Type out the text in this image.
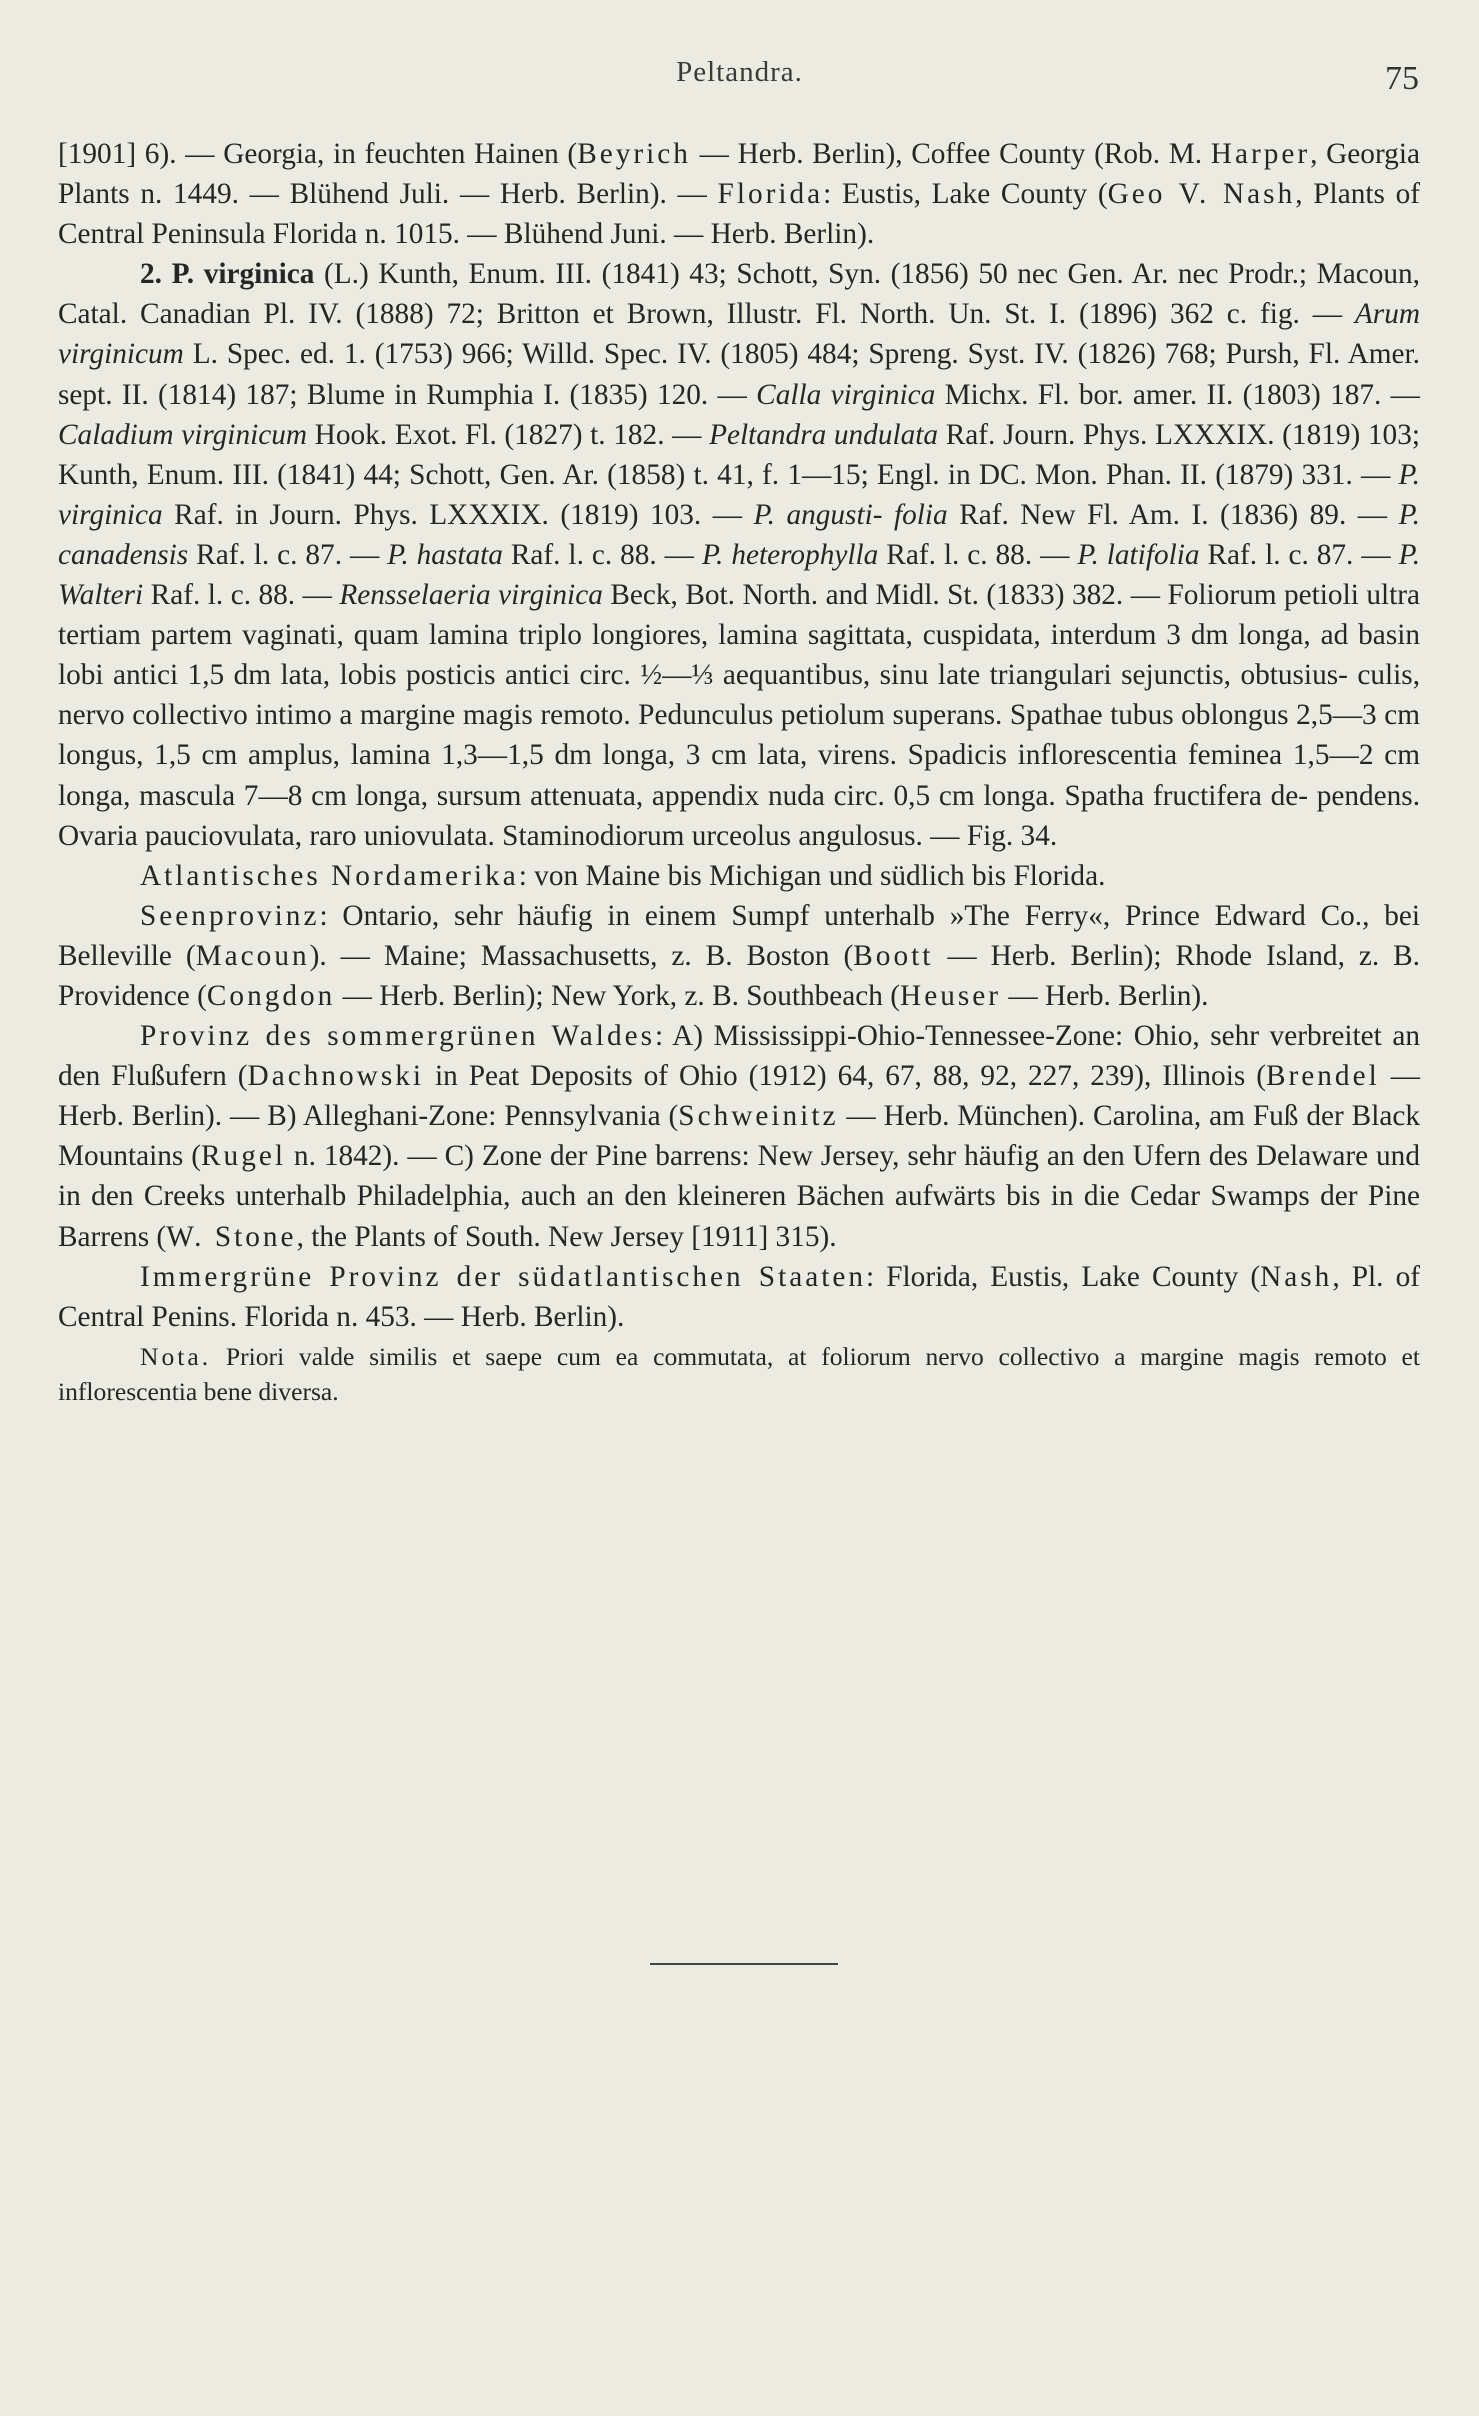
Peltandra.	75

[1901] 6). — Georgia, in feuchten Hainen (Beyrich — Herb. Berlin), Coffee County (Rob. M. Harper, Georgia Plants n. 1449. — Blühend Juli. — Herb. Berlin). — Florida: Eustis, Lake County (Geo V. Nash, Plants of Central Peninsula Florida n. 1015. — Blühend Juni. — Herb. Berlin).

2. P. virginica (L.) Kunth, Enum. III. (1841) 43; Schott, Syn. (1856) 50 nec Gen. Ar. nec Prodr.; Macoun, Catal. Canadian Pl. IV. (1888) 72; Britton et Brown, Illustr. Fl. North. Un. St. I. (1896) 362 c. fig. — Arum virginicum L. Spec. ed. 1. (1753) 966; Willd. Spec. IV. (1805) 484; Spreng. Syst. IV. (1826) 768; Pursh, Fl. Amer. sept. II. (1814) 187; Blume in Rumphia I. (1835) 120. — Calla virginica Michx. Fl. bor. amer. II. (1803) 187. — Caladium virginicum Hook. Exot. Fl. (1827) t. 182. — Peltandra undulata Raf. Journ. Phys. LXXXIX. (1819) 103; Kunth, Enum. III. (1841) 44; Schott, Gen. Ar. (1858) t. 41, f. 1—15; Engl. in DC. Mon. Phan. II. (1879) 331. — P. virginica Raf. in Journ. Phys. LXXXIX. (1819) 103. — P. angusti- folia Raf. New Fl. Am. I. (1836) 89. — P. canadensis Raf. l. c. 87. — P. hastata Raf. l. c. 88. — P. heterophylla Raf. l. c. 88. — P. latifolia Raf. l. c. 87. — P. Walteri Raf. l. c. 88. — Rensselaeria virginica Beck, Bot. North. and Midl. St. (1833) 382. — Foliorum petioli ultra tertiam partem vaginati, quam lamina triplo longiores, lamina sagittata, cuspidata, interdum 3 dm longa, ad basin lobi antici 1,5 dm lata, lobis posticis antici circ. ½—⅓ aequantibus, sinu late triangulari sejunctis, obtusius- culis, nervo collectivo intimo a margine magis remoto. Pedunculus petiolum superans. Spathae tubus oblongus 2,5—3 cm longus, 1,5 cm amplus, lamina 1,3—1,5 dm longa, 3 cm lata, virens. Spadicis inflorescentia feminea 1,5—2 cm longa, mascula 7—8 cm longa, sursum attenuata, appendix nuda circ. 0,5 cm longa. Spatha fructifera de- pendens. Ovaria pauciovulata, raro uniovulata. Staminodiorum urceolus angulosus. — Fig. 34.

Atlantisches Nordamerika: von Maine bis Michigan und südlich bis Florida.

Seenprovinz: Ontario, sehr häufig in einem Sumpf unterhalb »The Ferry«, Prince Edward Co., bei Belleville (Macoun). — Maine; Massachusetts, z. B. Boston (Boott — Herb. Berlin); Rhode Island, z. B. Providence (Congdon — Herb. Berlin); New York, z. B. Southbeach (Heuser — Herb. Berlin).

Provinz des sommergrünen Waldes: A) Mississippi-Ohio-Tennessee-Zone: Ohio, sehr verbreitet an den Flußufern (Dachnowski in Peat Deposits of Ohio (1912) 64, 67, 88, 92, 227, 239), Illinois (Brendel — Herb. Berlin). — B) Alleghani-Zone: Pennsylvania (Schweinitz — Herb. München). Carolina, am Fuß der Black Mountains (Rugel n. 1842). — C) Zone der Pine barrens: New Jersey, sehr häufig an den Ufern des Delaware und in den Creeks unterhalb Philadelphia, auch an den kleineren Bächen aufwärts bis in die Cedar Swamps der Pine Barrens (W. Stone, the Plants of South. New Jersey [1911] 315).

Immergrüne Provinz der südatlantischen Staaten: Florida, Eustis, Lake County (Nash, Pl. of Central Penins. Florida n. 453. — Herb. Berlin).

Nota. Priori valde similis et saepe cum ea commutata, at foliorum nervo collectivo a margine magis remoto et inflorescentia bene diversa.
